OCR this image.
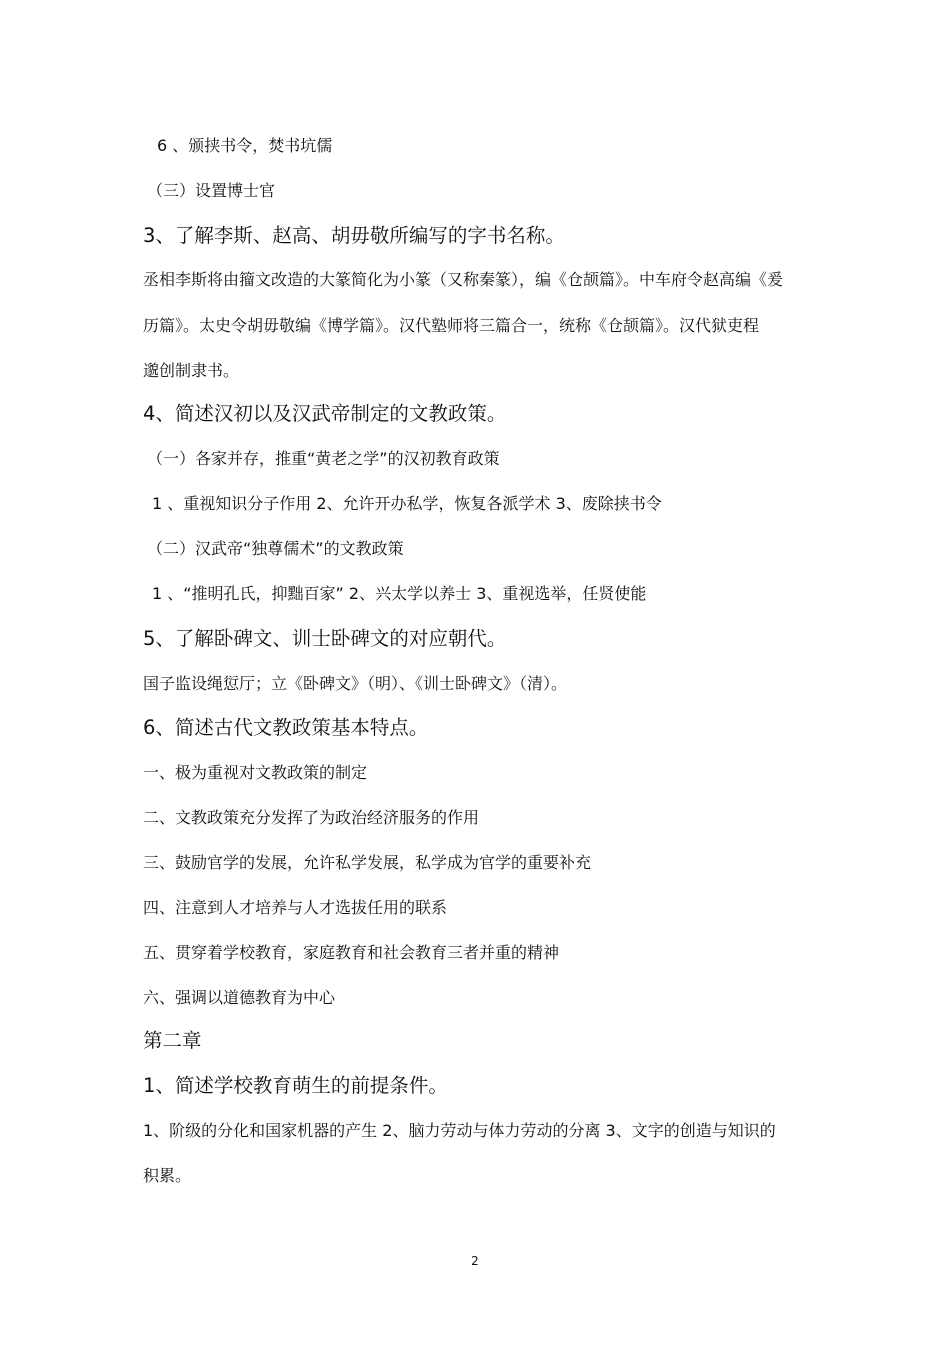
6 、颁挟书令，焚书坑儒

（三）设置博士官

3、了解李斯、赵高、胡毋敬所编写的字书名称。

丞相李斯将由籀文改造的大篆简化为小篆（又称秦篆），编《仓颉篇》。中车府令赵高编《爰

历篇》。太史令胡毋敬编《博学篇》。汉代塾师将三篇合一，统称《仓颉篇》。汉代狱吏程

邈创制隶书。

4、简述汉初以及汉武帝制定的文教政策。

（一）各家并存，推重“黄老之学”的汉初教育政策

1 、重视知识分子作用 2、允许开办私学，恢复各派学术 3、废除挟书令

（二）汉武帝“独尊儒术”的文教政策

1 、“推明孔氏，抑黜百家” 2、兴太学以养士 3、重视选举，任贤使能

5、了解卧碑文、训士卧碑文的对应朝代。

国子监设绳愆厅；立《卧碑文》（明）、《训士卧碑文》（清）。

6、简述古代文教政策基本特点。

一、极为重视对文教政策的制定

二、文教政策充分发挥了为政治经济服务的作用

三、鼓励官学的发展，允许私学发展，私学成为官学的重要补充

四、注意到人才培养与人才选拔任用的联系

五、贯穿着学校教育，家庭教育和社会教育三者并重的精神

六、强调以道德教育为中心

第二章

1、简述学校教育萌生的前提条件。

1、阶级的分化和国家机器的产生 2、脑力劳动与体力劳动的分离 3、文字的创造与知识的

积累。

2
